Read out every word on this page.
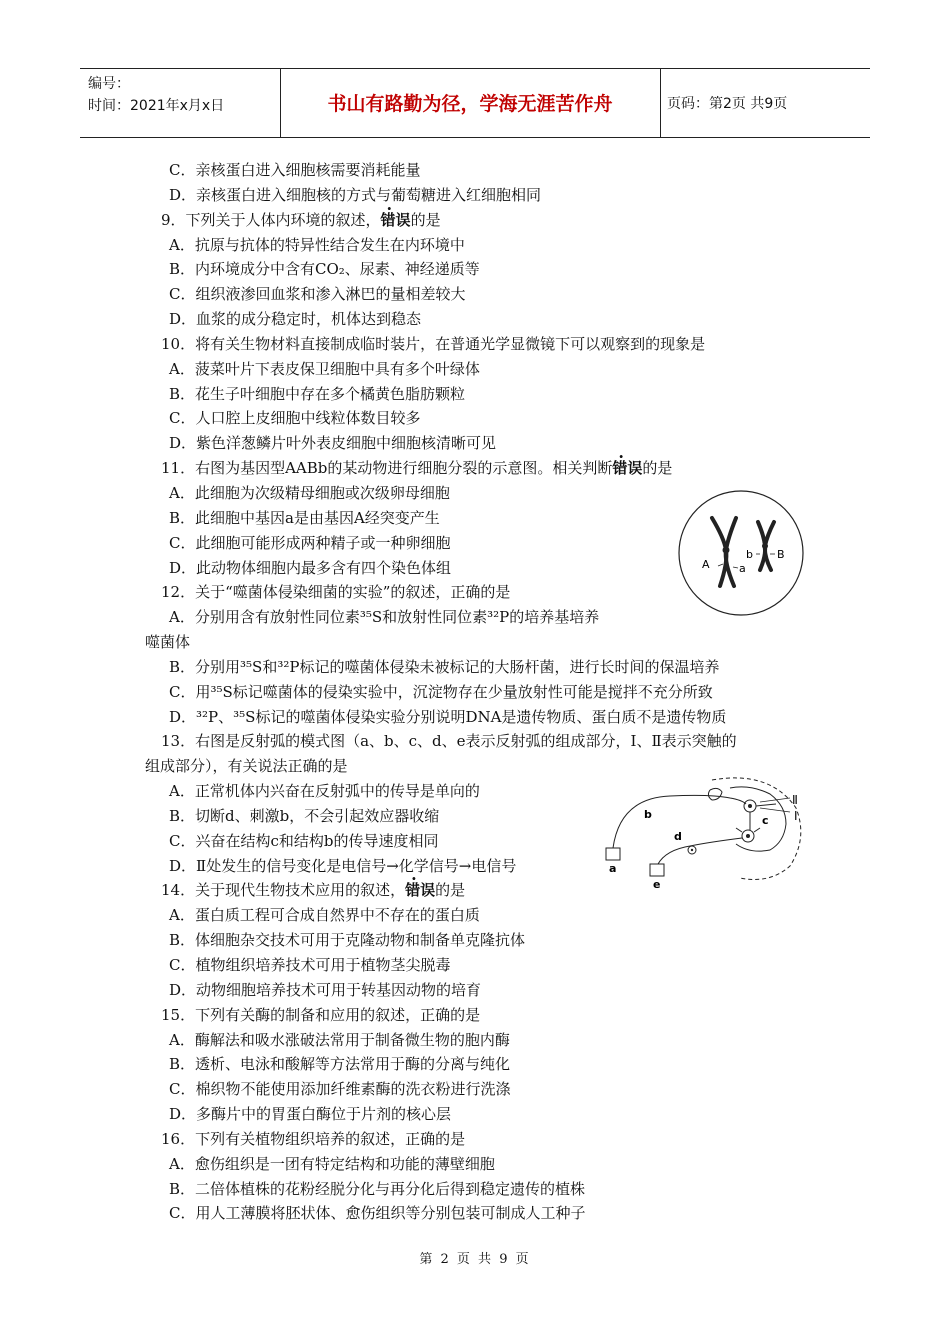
编号：
时间：2021年x月x日	书山有路勤为径，学海无涯苦作舟	页码：第2页 共9页
C．亲核蛋白进入细胞核需要消耗能量
D．亲核蛋白进入细胞核的方式与葡萄糖进入红细胞相同
9．下列关于人体内环境的叙述，错误的是
A．抗原与抗体的特异性结合发生在内环境中
B．内环境成分中含有CO₂、尿素、神经递质等
C．组织液渗回血浆和渗入淋巴的量相差较大
D．血浆的成分稳定时，机体达到稳态
10．将有关生物材料直接制成临时装片，在普通光学显微镜下可以观察到的现象是
A．菠菜叶片下表皮保卫细胞中具有多个叶绿体
B．花生子叶细胞中存在多个橘黄色脂肪颗粒
C．人口腔上皮细胞中线粒体数目较多
D．紫色洋葱鳞片叶外表皮细胞中细胞核清晰可见
11．右图为基因型AABb的某动物进行细胞分裂的示意图。相关判断错误的是
A．此细胞为次级精母细胞或次级卵母细胞
B．此细胞中基因a是由基因A经突变产生
C．此细胞可能形成两种精子或一种卵细胞
D．此动物体细胞内最多含有四个染色体组
12．关于“噬菌体侵染细菌的实验”的叙述，正确的是
A．分别用含有放射性同位素³⁵S和放射性同位素³²P的培养基培养
噬菌体
B．分别用³⁵S和³²P标记的噬菌体侵染未被标记的大肠杆菌，进行长时间的保温培养
C．用³⁵S标记噬菌体的侵染实验中，沉淀物存在少量放射性可能是搅拌不充分所致
D．³²P、³⁵S标记的噬菌体侵染实验分别说明DNA是遗传物质、蛋白质不是遗传物质
13．右图是反射弧的模式图（a、b、c、d、e表示反射弧的组成部分，I、Ⅱ表示突触的
组成部分），有关说法正确的是
A．正常机体内兴奋在反射弧中的传导是单向的
B．切断d、刺激b，不会引起效应器收缩
C．兴奋在结构c和结构b的传导速度相同
D．Ⅱ处发生的信号变化是电信号→化学信号→电信号
14．关于现代生物技术应用的叙述，错误的是
A．蛋白质工程可合成自然界中不存在的蛋白质
B．体细胞杂交技术可用于克隆动物和制备单克隆抗体
C．植物组织培养技术可用于植物茎尖脱毒
D．动物细胞培养技术可用于转基因动物的培育
15．下列有关酶的制备和应用的叙述，正确的是
A．酶解法和吸水涨破法常用于制备微生物的胞内酶
B．透析、电泳和酸解等方法常用于酶的分离与纯化
C．棉织物不能使用添加纤维素酶的洗衣粉进行洗涤
D．多酶片中的胃蛋白酶位于片剂的核心层
16．下列有关植物组织培养的叙述，正确的是
A．愈伤组织是一团有特定结构和功能的薄壁细胞
B．二倍体植株的花粉经脱分化与再分化后得到稳定遗传的植株
C．用人工薄膜将胚状体、愈伤组织等分别包装可制成人工种子
A	a
b B
b	c
d
a
e
Ⅱ
I
第 2 页 共 9 页
